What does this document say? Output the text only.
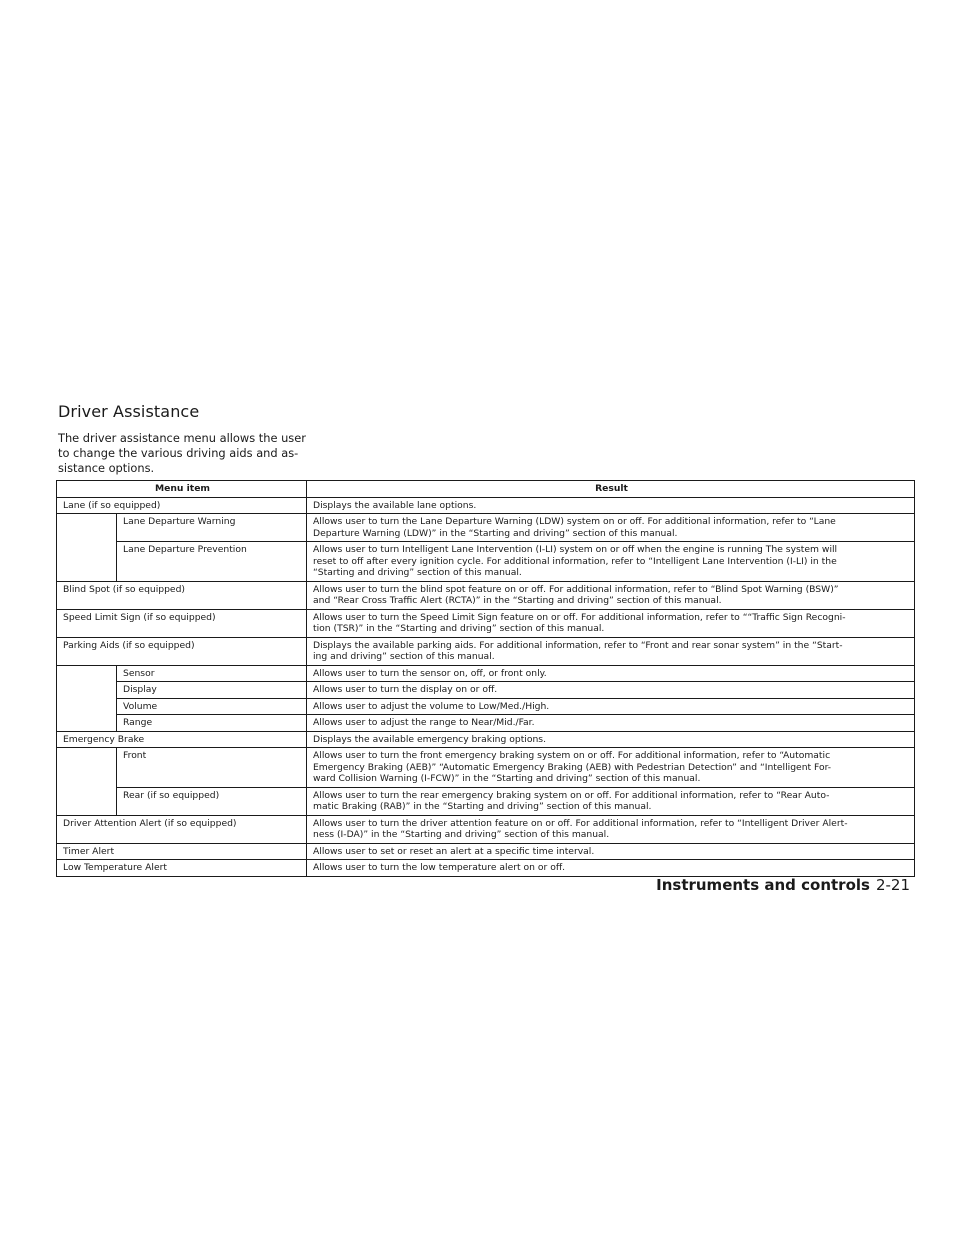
Driver Assistance

The driver assistance menu allows the user
to change the various driving aids and as-
sistance options.

Menu item		Result
Lane (if so equipped)		Displays the available lane options.

	Lane Departure Warning	Allows user to turn the Lane Departure Warning (LDW) system on or off. For additional information, refer to “Lane
Departure Warning (LDW)” in the “Starting and driving” section of this manual.

	Lane Departure Prevention	Allows user to turn Intelligent Lane Intervention (I-LI) system on or off when the engine is running The system will
reset to off after every ignition cycle. For additional information, refer to “Intelligent Lane Intervention (I-LI) in the
“Starting and driving” section of this manual.

Blind Spot (if so equipped)		Allows user to turn the blind spot feature on or off. For additional information, refer to “Blind Spot Warning (BSW)”
and “Rear Cross Traffic Alert (RCTA)” in the “Starting and driving” section of this manual.

Speed Limit Sign (if so equipped)		Allows user to turn the Speed Limit Sign feature on or off. For additional information, refer to ““Traffic Sign Recogni-
tion (TSR)” in the “Starting and driving” section of this manual.

Parking Aids (if so equipped)		Displays the available parking aids. For additional information, refer to “Front and rear sonar system” in the “Start-
ing and driving” section of this manual.

	Sensor	Allows user to turn the sensor on, off, or front only.

	Display	Allows user to turn the display on or off.

	Volume	Allows user to adjust the volume to Low/Med./High.

	Range	Allows user to adjust the range to Near/Mid./Far.

Emergency Brake		Displays the available emergency braking options.

	Front	Allows user to turn the front emergency braking system on or off. For additional information, refer to “Automatic
Emergency Braking (AEB)” “Automatic Emergency Braking (AEB) with Pedestrian Detection” and “Intelligent For-
ward Collision Warning (I-FCW)” in the “Starting and driving” section of this manual.

	Rear (if so equipped)	Allows user to turn the rear emergency braking system on or off. For additional information, refer to “Rear Auto-
matic Braking (RAB)” in the “Starting and driving” section of this manual.

Driver Attention Alert (if so equipped)		Allows user to turn the driver attention feature on or off. For additional information, refer to “Intelligent Driver Alert-
ness (I-DA)” in the “Starting and driving” section of this manual.

Timer Alert		Allows user to set or reset an alert at a specific time interval.

Low Temperature Alert		Allows user to turn the low temperature alert on or off.
Instruments and controls 2-21
